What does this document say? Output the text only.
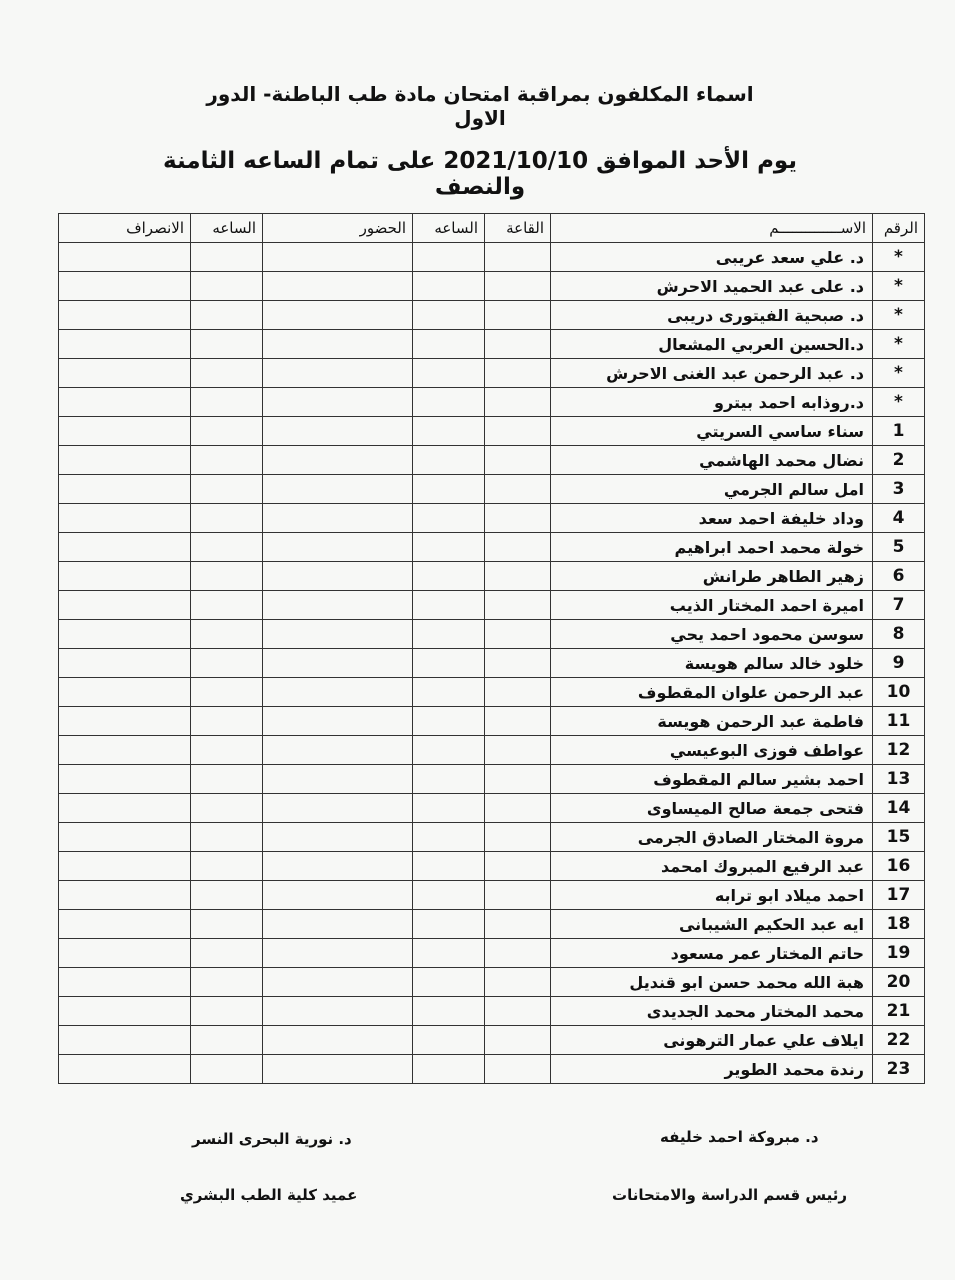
اسماء المكلفون بمراقبة امتحان مادة طب الباطنة- الدور الاول
يوم الأحد الموافق 2021/10/10 على تمام الساعه الثامنة والنصف
الرقم	الاســــــــــــــم	القاعة	الساعه	الحضور	الساعه	الانصراف
*	د. علي سعد عريبى					
*	د. على عبد الحميد الاحرش					
*	د. صبحية الفيتورى دريبى					
*	د.الحسين العربي المشعال					
*	د. عبد الرحمن عبد الغنى الاحرش					
*	د.روذابه احمد بيترو					
1	سناء ساسي السريتي					
2	نضال محمد الهاشمي					
3	امل سالم الجرمي					
4	وداد خليفة احمد سعد					
5	خولة محمد احمد ابراهيم					
6	زهير الطاهر طرانش					
7	اميرة احمد المختار الذيب					
8	سوسن محمود احمد يحي					
9	خلود خالد سالم هويسة					
10	عبد الرحمن علوان المقطوف					
11	فاطمة عبد الرحمن هويسة					
12	عواطف فوزى البوعيسي					
13	احمد بشير سالم المقطوف					
14	فتحى جمعة صالح الميساوى					
15	مروة المختار الصادق الجرمى					
16	عبد الرفيع المبروك امحمد					
17	احمد ميلاد ابو ترابه					
18	ايه عبد الحكيم الشيبانى					
19	حاتم المختار عمر مسعود					
20	هبة الله محمد حسن ابو قنديل					
21	محمد المختار محمد الجديدى					
22	ايلاف علي عمار الترهونى					
23	رندة محمد الطوير					
د. مبروكة احمد خليفه
رئيس قسم الدراسة والامتحانات
د. نورية البحرى النسر
عميد كلية الطب البشري
